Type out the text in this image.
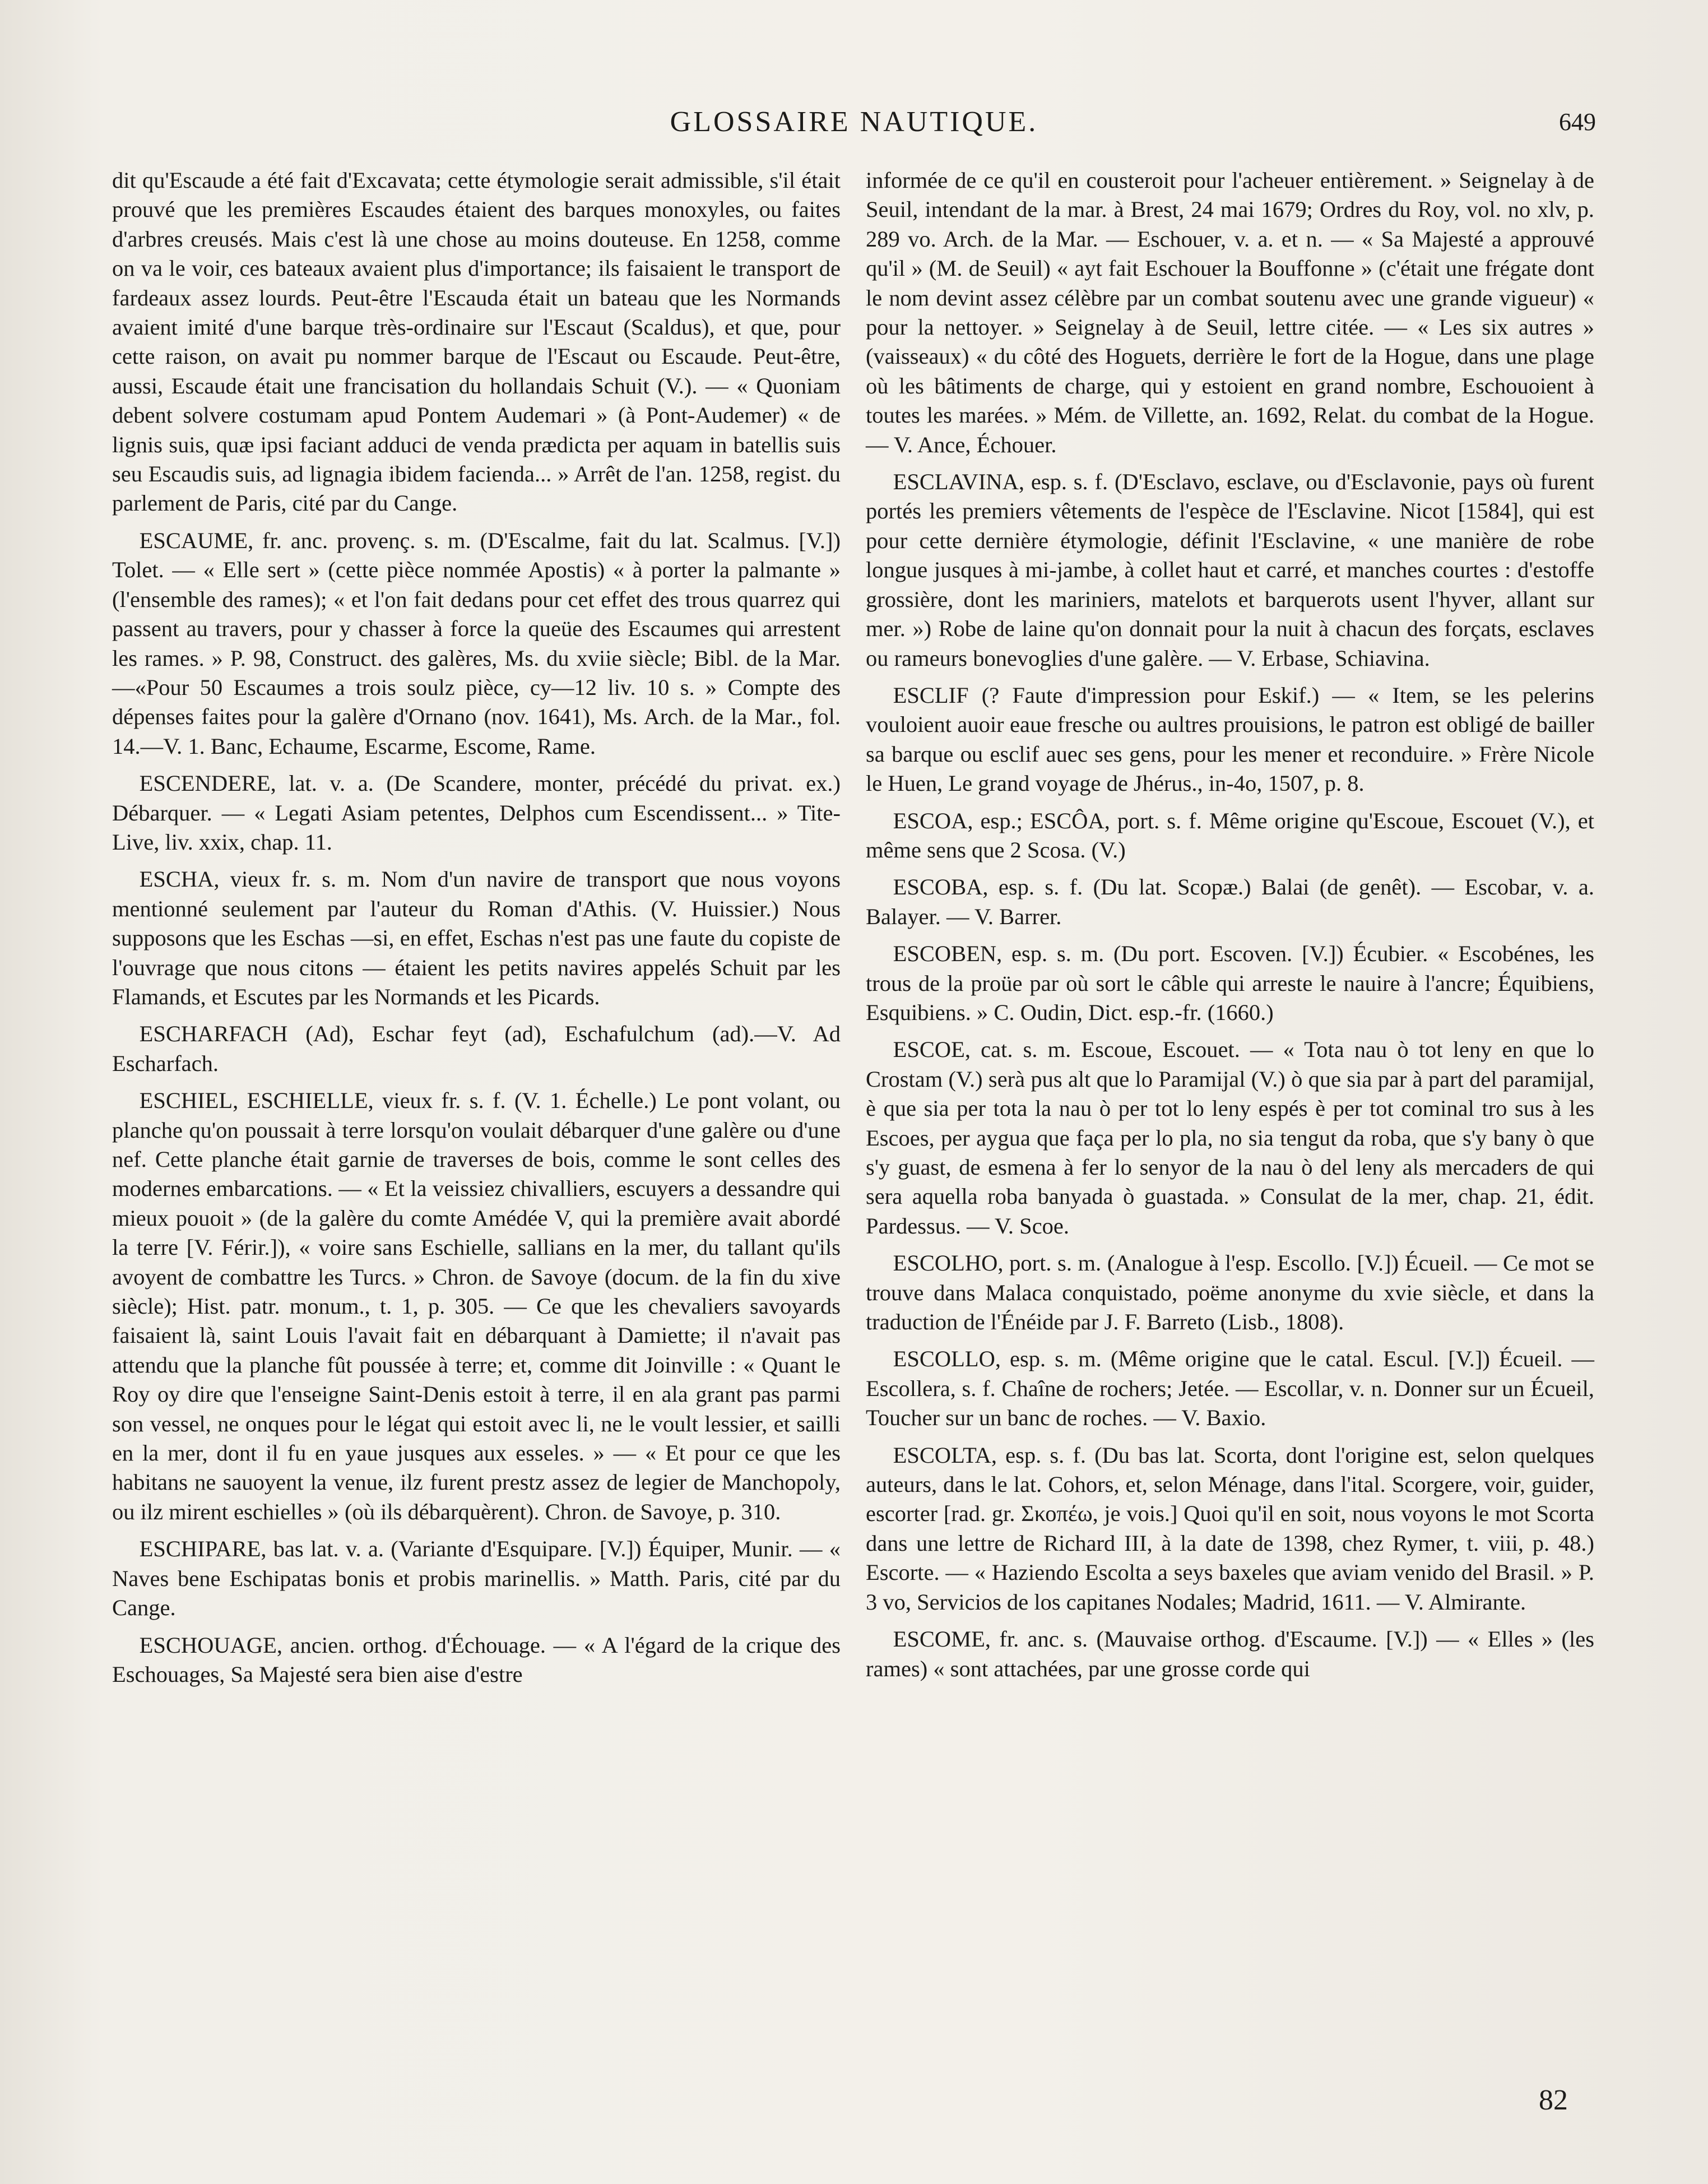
GLOSSAIRE NAUTIQUE.	649

dit qu'Escaude a été fait d'Excavata; cette étymologie serait admissible, s'il était prouvé que les premières Escaudes étaient des barques monoxyles, ou faites d'arbres creusés. Mais c'est là une chose au moins douteuse. En 1258, comme on va le voir, ces bateaux avaient plus d'importance; ils faisaient le transport de fardeaux assez lourds. Peut-être l'Escauda était un bateau que les Normands avaient imité d'une barque très-ordinaire sur l'Escaut (Scaldus), et que, pour cette raison, on avait pu nommer barque de l'Escaut ou Escaude. Peut-être, aussi, Escaude était une francisation du hollandais Schuit (V.). — « Quoniam debent solvere costumam apud Pontem Audemari » (à Pont-Audemer) « de lignis suis, quæ ipsi faciant adduci de venda prædicta per aquam in batellis suis seu Escaudis suis, ad lignagia ibidem facienda... » Arrêt de l'an. 1258, regist. du parlement de Paris, cité par du Cange.

ESCAUME, fr. anc. provenç. s. m. (D'Escalme, fait du lat. Scalmus. [V.]) Tolet. — « Elle sert » (cette pièce nommée Apostis) « à porter la palmante » (l'ensemble des rames); « et l'on fait dedans pour cet effet des trous quarrez qui passent au travers, pour y chasser à force la queüe des Escaumes qui arrestent les rames. » P. 98, Construct. des galères, Ms. du xviie siècle; Bibl. de la Mar.—«Pour 50 Escaumes a trois soulz pièce, cy—12 liv. 10 s. » Compte des dépenses faites pour la galère d'Ornano (nov. 1641), Ms. Arch. de la Mar., fol. 14.—V. 1. Banc, Echaume, Escarme, Escome, Rame.

ESCENDERE, lat. v. a. (De Scandere, monter, précédé du privat. ex.) Débarquer. — « Legati Asiam petentes, Delphos cum Escendissent... » Tite-Live, liv. xxix, chap. 11.

ESCHA, vieux fr. s. m. Nom d'un navire de transport que nous voyons mentionné seulement par l'auteur du Roman d'Athis. (V. Huissier.) Nous supposons que les Eschas —si, en effet, Eschas n'est pas une faute du copiste de l'ouvrage que nous citons — étaient les petits navires appelés Schuit par les Flamands, et Escutes par les Normands et les Picards.

ESCHARFACH (Ad), Eschar feyt (ad), Eschafulchum (ad).—V. Ad Escharfach.

ESCHIEL, ESCHIELLE, vieux fr. s. f. (V. 1. Échelle.) Le pont volant, ou planche qu'on poussait à terre lorsqu'on voulait débarquer d'une galère ou d'une nef. Cette planche était garnie de traverses de bois, comme le sont celles des modernes embarcations. — « Et la veissiez chivalliers, escuyers a dessandre qui mieux pouoit » (de la galère du comte Amédée V, qui la première avait abordé la terre [V. Férir.]), « voire sans Eschielle, sallians en la mer, du tallant qu'ils avoyent de combattre les Turcs. » Chron. de Savoye (docum. de la fin du xive siècle); Hist. patr. monum., t. 1, p. 305. — Ce que les chevaliers savoyards faisaient là, saint Louis l'avait fait en débarquant à Damiette; il n'avait pas attendu que la planche fût poussée à terre; et, comme dit Joinville : « Quant le Roy oy dire que l'enseigne Saint-Denis estoit à terre, il en ala grant pas parmi son vessel, ne onques pour le légat qui estoit avec li, ne le voult lessier, et sailli en la mer, dont il fu en yaue jusques aux esseles. » — « Et pour ce que les habitans ne sauoyent la venue, ilz furent prestz assez de legier de Manchopoly, ou ilz mirent eschielles » (où ils débarquèrent). Chron. de Savoye, p. 310.

ESCHIPARE, bas lat. v. a. (Variante d'Esquipare. [V.]) Équiper, Munir. — « Naves bene Eschipatas bonis et probis marinellis. » Matth. Paris, cité par du Cange.

ESCHOUAGE, ancien. orthog. d'Échouage. — « A l'égard de la crique des Eschouages, Sa Majesté sera bien aise d'estre

informée de ce qu'il en cousteroit pour l'acheuer entièrement. » Seignelay à de Seuil, intendant de la mar. à Brest, 24 mai 1679; Ordres du Roy, vol. no xlv, p. 289 vo. Arch. de la Mar. — Eschouer, v. a. et n. — « Sa Majesté a approuvé qu'il » (M. de Seuil) « ayt fait Eschouer la Bouffonne » (c'était une frégate dont le nom devint assez célèbre par un combat soutenu avec une grande vigueur) « pour la nettoyer. » Seignelay à de Seuil, lettre citée. — « Les six autres » (vaisseaux) « du côté des Hoguets, derrière le fort de la Hogue, dans une plage où les bâtiments de charge, qui y estoient en grand nombre, Eschouoient à toutes les marées. » Mém. de Villette, an. 1692, Relat. du combat de la Hogue. — V. Ance, Échouer.

ESCLAVINA, esp. s. f. (D'Esclavo, esclave, ou d'Esclavonie, pays où furent portés les premiers vêtements de l'espèce de l'Esclavine. Nicot [1584], qui est pour cette dernière étymologie, définit l'Esclavine, « une manière de robe longue jusques à mi-jambe, à collet haut et carré, et manches courtes : d'estoffe grossière, dont les mariniers, matelots et barquerots usent l'hyver, allant sur mer. ») Robe de laine qu'on donnait pour la nuit à chacun des forçats, esclaves ou rameurs bonevoglies d'une galère. — V. Erbase, Schiavina.

ESCLIF (? Faute d'impression pour Eskif.) — « Item, se les pelerins vouloient auoir eaue fresche ou aultres prouisions, le patron est obligé de bailler sa barque ou esclif auec ses gens, pour les mener et reconduire. » Frère Nicole le Huen, Le grand voyage de Jhérus., in-4o, 1507, p. 8.

ESCOA, esp.; ESCÔA, port. s. f. Même origine qu'Escoue, Escouet (V.), et même sens que 2 Scosa. (V.)

ESCOBA, esp. s. f. (Du lat. Scopæ.) Balai (de genêt). — Escobar, v. a. Balayer. — V. Barrer.

ESCOBEN, esp. s. m. (Du port. Escoven. [V.]) Écubier. « Escobénes, les trous de la proüe par où sort le câble qui arreste le nauire à l'ancre; Équibiens, Esquibiens. » C. Oudin, Dict. esp.-fr. (1660.)

ESCOE, cat. s. m. Escoue, Escouet. — « Tota nau ò tot leny en que lo Crostam (V.) serà pus alt que lo Paramijal (V.) ò que sia par à part del paramijal, è que sia per tota la nau ò per tot lo leny espés è per tot cominal tro sus à les Escoes, per aygua que faça per lo pla, no sia tengut da roba, que s'y bany ò que s'y guast, de esmena à fer lo senyor de la nau ò del leny als mercaders de qui sera aquella roba banyada ò guastada. » Consulat de la mer, chap. 21, édit. Pardessus. — V. Scoe.

ESCOLHO, port. s. m. (Analogue à l'esp. Escollo. [V.]) Écueil. — Ce mot se trouve dans Malaca conquistado, poëme anonyme du xvie siècle, et dans la traduction de l'Énéide par J. F. Barreto (Lisb., 1808).

ESCOLLO, esp. s. m. (Même origine que le catal. Escul. [V.]) Écueil. — Escollera, s. f. Chaîne de rochers; Jetée. — Escollar, v. n. Donner sur un Écueil, Toucher sur un banc de roches. — V. Baxio.

ESCOLTA, esp. s. f. (Du bas lat. Scorta, dont l'origine est, selon quelques auteurs, dans le lat. Cohors, et, selon Ménage, dans l'ital. Scorgere, voir, guider, escorter [rad. gr. Σκοπέω, je vois.] Quoi qu'il en soit, nous voyons le mot Scorta dans une lettre de Richard III, à la date de 1398, chez Rymer, t. viii, p. 48.) Escorte. — « Haziendo Escolta a seys baxeles que aviam venido del Brasil. » P. 3 vo, Servicios de los capitanes Nodales; Madrid, 1611. — V. Almirante.

ESCOME, fr. anc. s. (Mauvaise orthog. d'Escaume. [V.]) — « Elles » (les rames) « sont attachées, par une grosse corde qui

82
